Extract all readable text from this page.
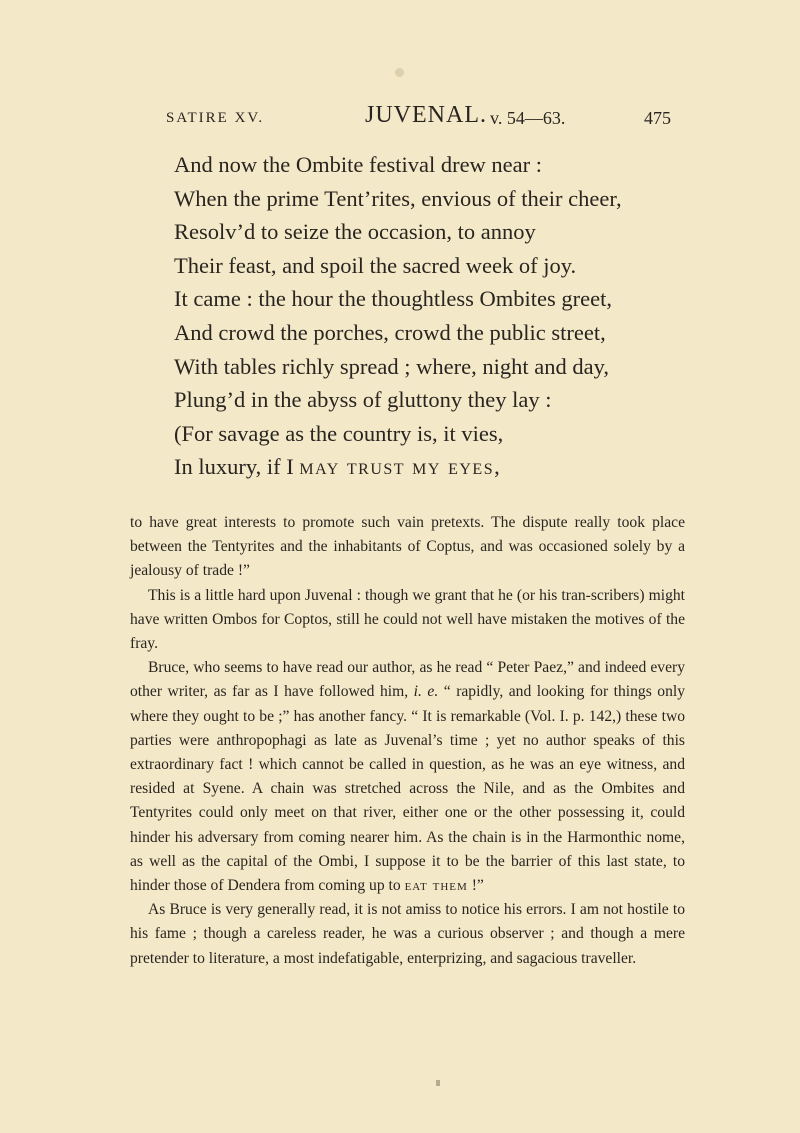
SATIRE XV.	JUVENAL. v. 54—63.	475
And now the Ombite festival drew near :
When the prime Tent’rites, envious of their cheer,
Resolv’d to seize the occasion, to annoy
Their feast, and spoil the sacred week of joy.
It came : the hour the thoughtless Ombites greet,
And crowd the porches, crowd the public street,
With tables richly spread ; where, night and day,
Plung’d in the abyss of gluttony they lay :
(For savage as the country is, it vies,
In luxury, if I may trust my eyes,

to have great interests to promote such vain pretexts. The dispute really took place between the Tentyrites and the inhabitants of Coptus, and was occasioned solely by a jealousy of trade !”

This is a little hard upon Juvenal : though we grant that he (or his tran-scribers) might have written Ombos for Coptos, still he could not well have mistaken the motives of the fray.

Bruce, who seems to have read our author, as he read “ Peter Paez,” and indeed every other writer, as far as I have followed him, i. e. “ rapidly, and looking for things only where they ought to be ;” has another fancy. “ It is remarkable (Vol. I. p. 142,) these two parties were anthropophagi as late as Juvenal’s time ; yet no author speaks of this extraordinary fact ! which cannot be called in question, as he was an eye witness, and resided at Syene. A chain was stretched across the Nile, and as the Ombites and Tentyrites could only meet on that river, either one or the other possessing it, could hinder his adversary from coming nearer him. As the chain is in the Harmonthic nome, as well as the capital of the Ombi, I suppose it to be the barrier of this last state, to hinder those of Dendera from coming up to eat them !”

As Bruce is very generally read, it is not amiss to notice his errors. I am not hostile to his fame ; though a careless reader, he was a curious observer ; and though a mere pretender to literature, a most indefatigable, enterprizing, and sagacious traveller.
